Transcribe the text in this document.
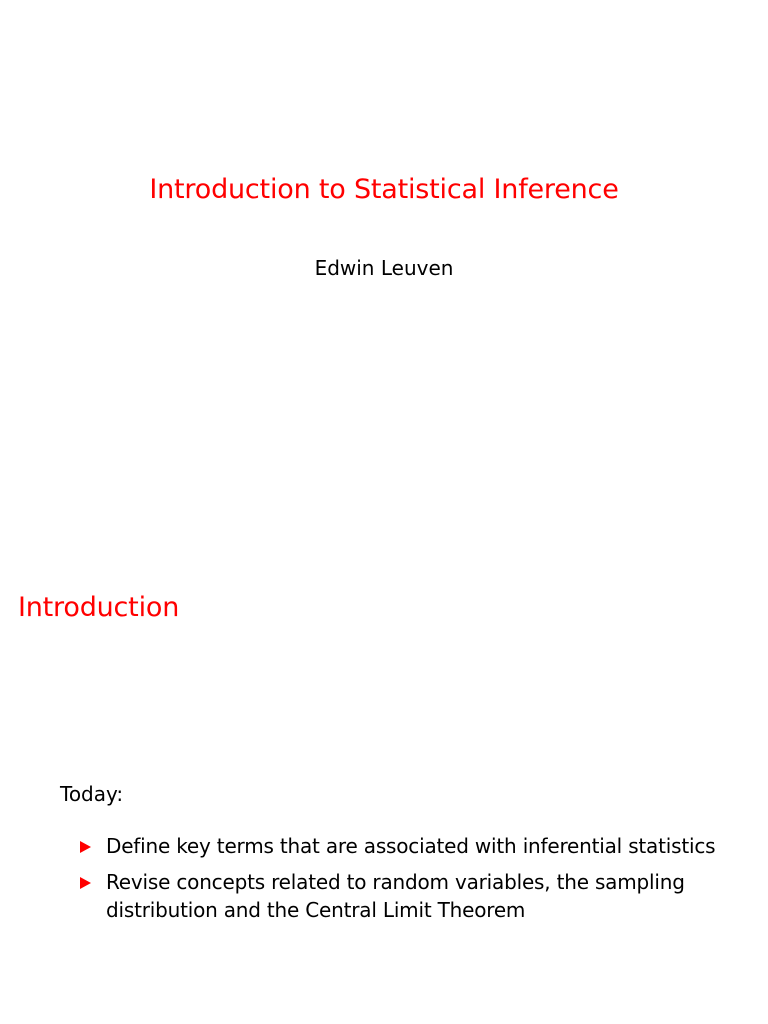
Introduction to Statistical Inference
Edwin Leuven
Introduction
Today:
Define key terms that are associated with inferential statistics
Revise concepts related to random variables, the sampling distribution and the Central Limit Theorem
